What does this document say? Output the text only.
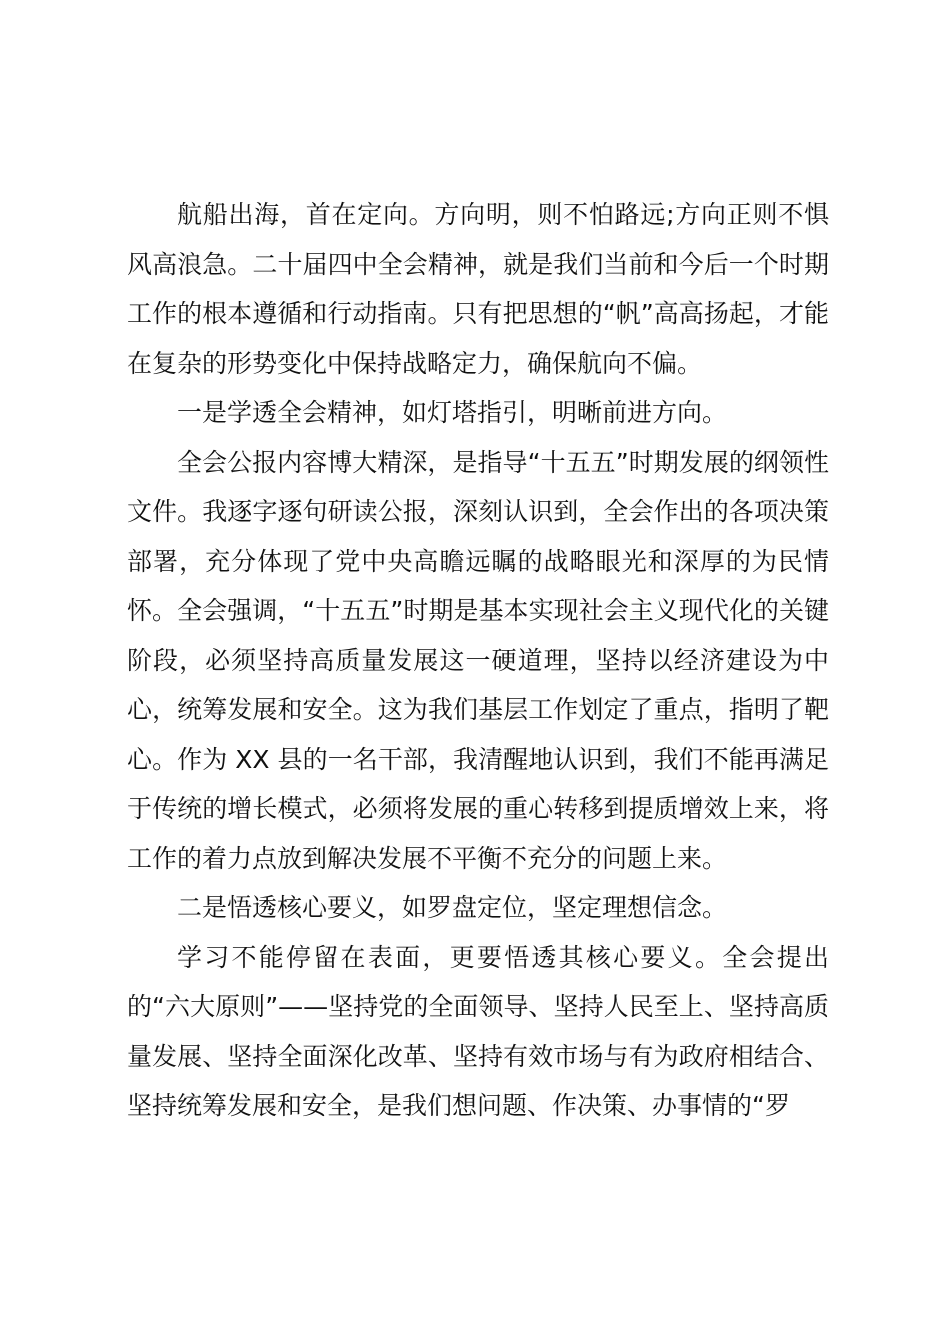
航船出海，首在定向。方向明，则不怕路远;方向正则不惧风高浪急。二十届四中全会精神，就是我们当前和今后一个时期工作的根本遵循和行动指南。只有把思想的“帆”高高扬起，才能在复杂的形势变化中保持战略定力，确保航向不偏。

一是学透全会精神，如灯塔指引，明晰前进方向。

全会公报内容博大精深，是指导“十五五”时期发展的纲领性文件。我逐字逐句研读公报，深刻认识到，全会作出的各项决策部署，充分体现了党中央高瞻远瞩的战略眼光和深厚的为民情怀。全会强调，“十五五”时期是基本实现社会主义现代化的关键阶段，必须坚持高质量发展这一硬道理，坚持以经济建设为中心，统筹发展和安全。这为我们基层工作划定了重点，指明了靶心。作为 XX 县的一名干部，我清醒地认识到，我们不能再满足于传统的增长模式，必须将发展的重心转移到提质增效上来，将工作的着力点放到解决发展不平衡不充分的问题上来。

二是悟透核心要义，如罗盘定位，坚定理想信念。

学习不能停留在表面，更要悟透其核心要义。全会提出的“六大原则”——坚持党的全面领导、坚持人民至上、坚持高质量发展、坚持全面深化改革、坚持有效市场与有为政府相结合、坚持统筹发展和安全，是我们想问题、作决策、办事情的“罗
